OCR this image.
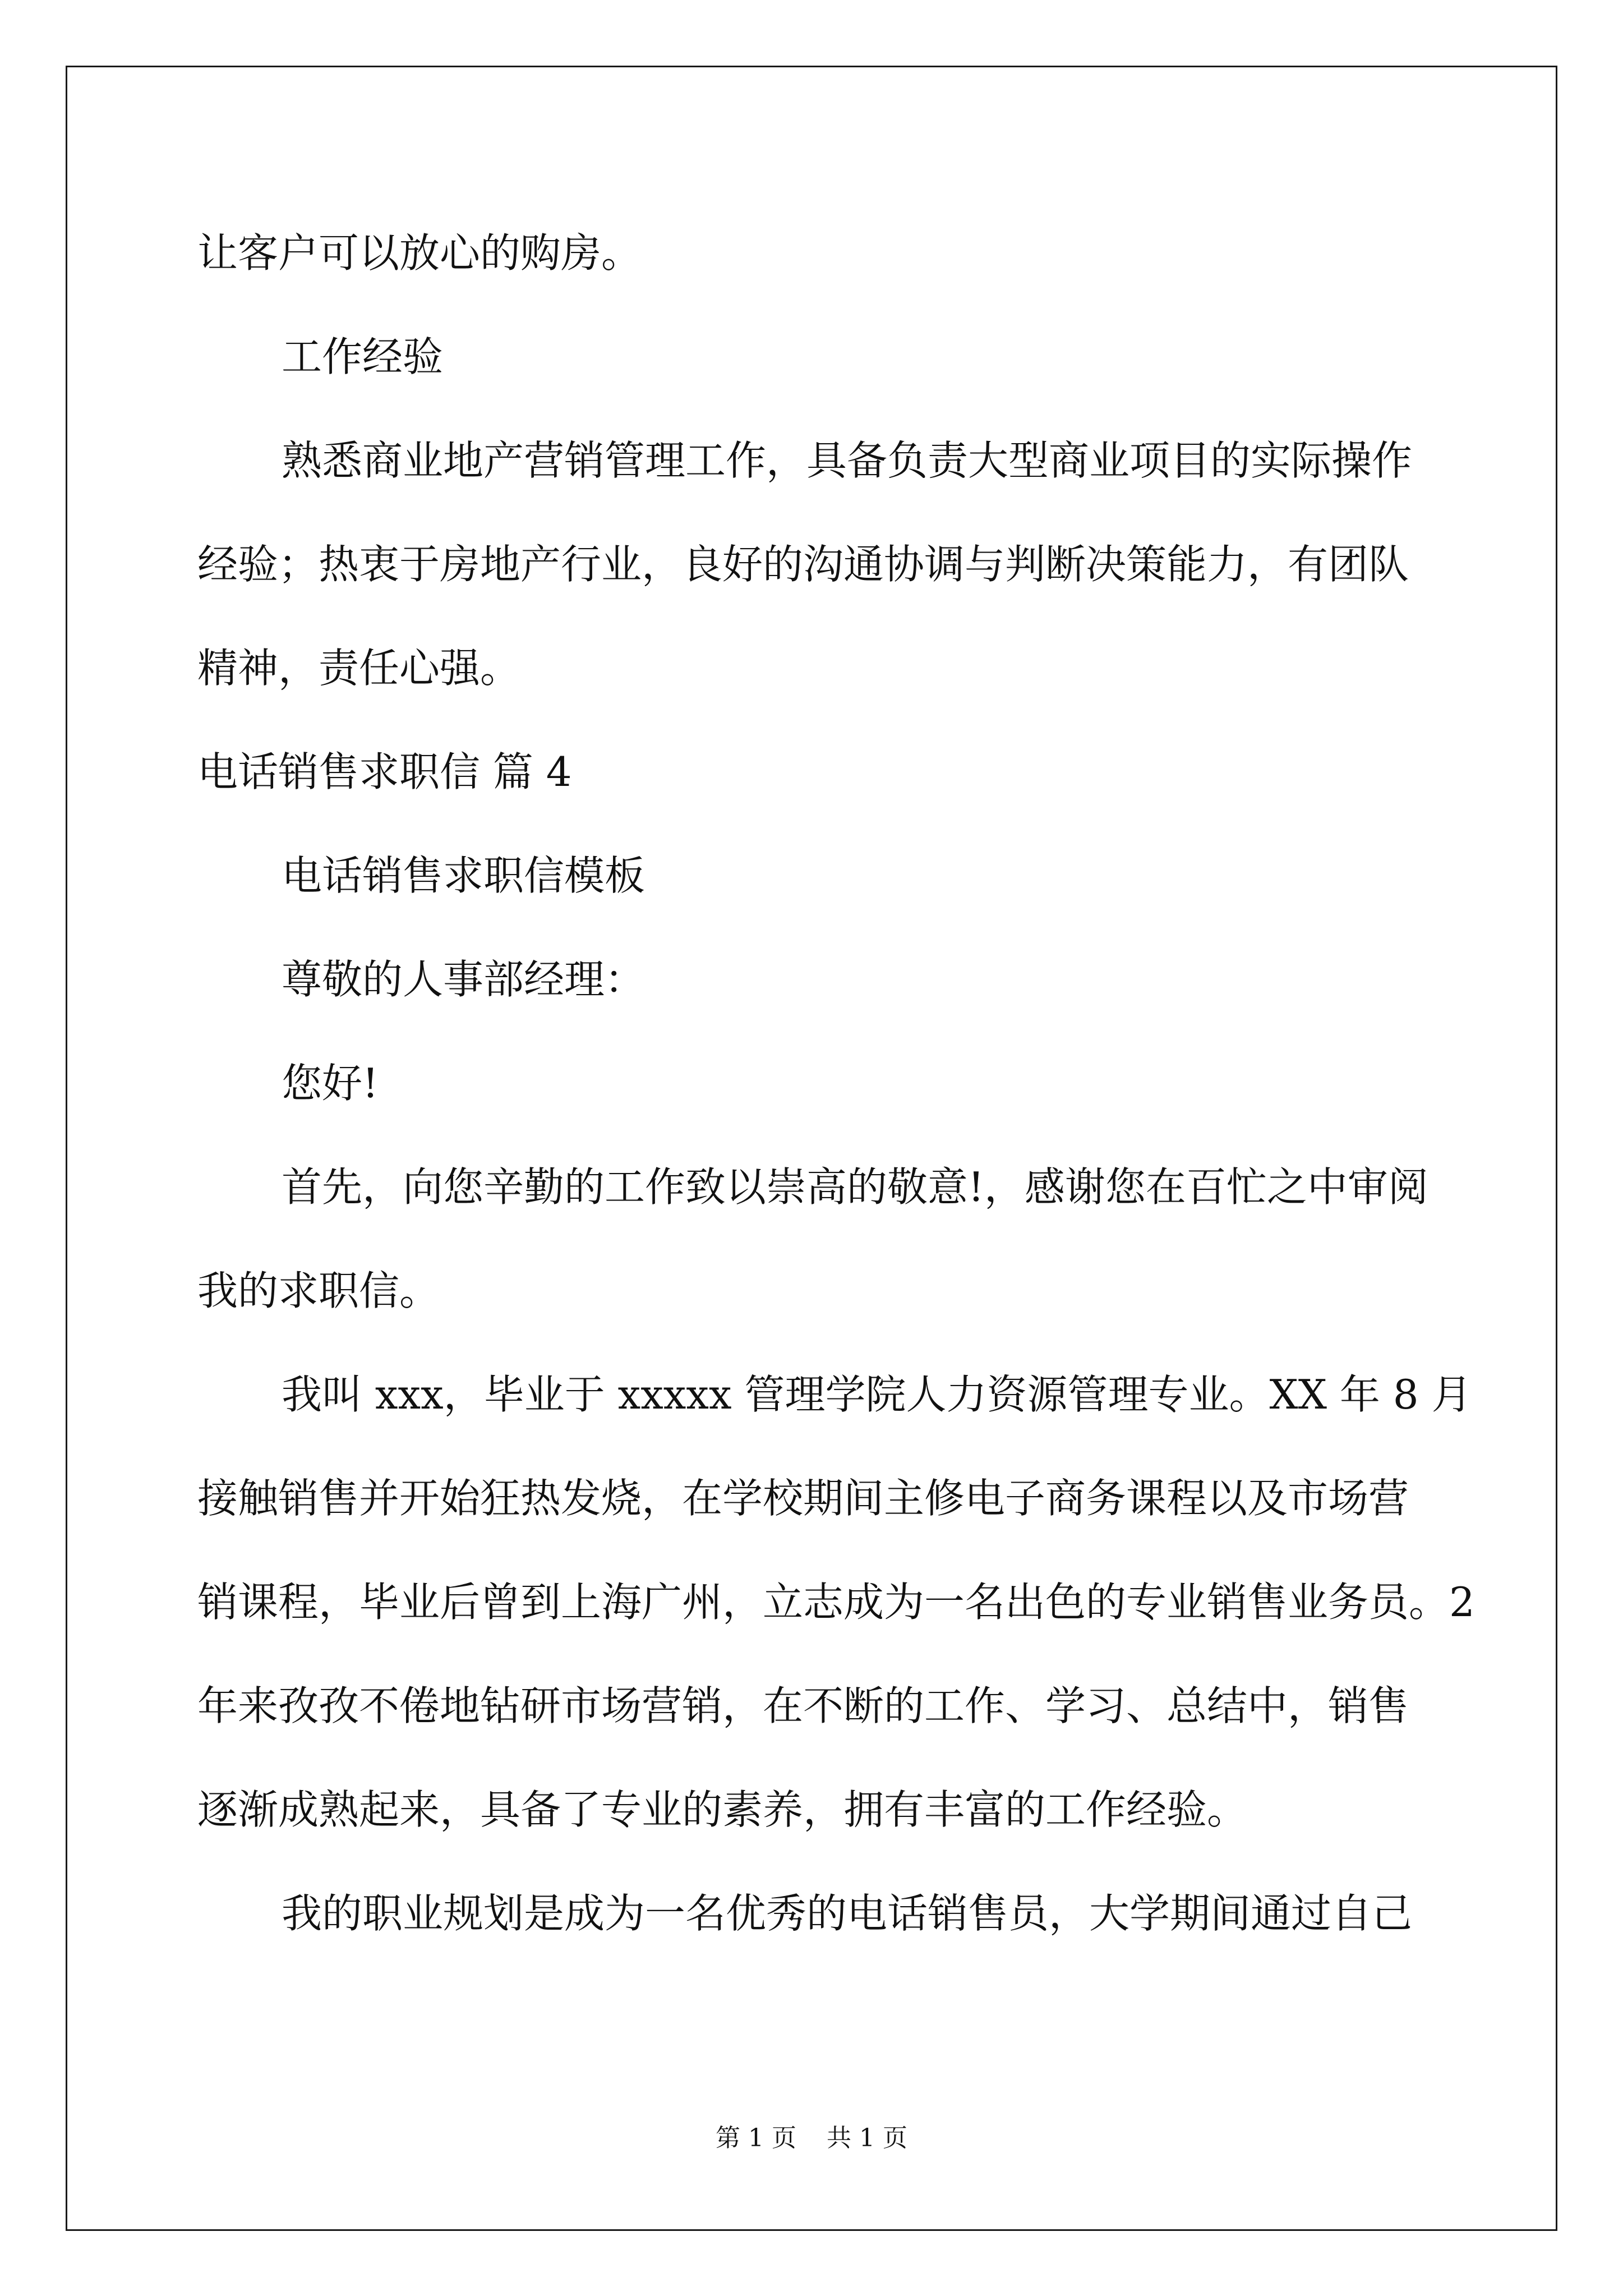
让客户可以放心的购房。
工作经验
熟悉商业地产营销管理工作，具备负责大型商业项目的实际操作
经验；热衷于房地产行业，良好的沟通协调与判断决策能力，有团队
精神，责任心强。
电话销售求职信 篇 4
电话销售求职信模板
尊敬的人事部经理：
您好!
首先，向您辛勤的工作致以崇高的敬意!，感谢您在百忙之中审阅
我的求职信。
我叫 xxx，毕业于 xxxxx 管理学院人力资源管理专业。XX 年 8 月
接触销售并开始狂热发烧，在学校期间主修电子商务课程以及市场营
销课程，毕业后曾到上海广州，立志成为一名出色的专业销售业务员。2
年来孜孜不倦地钻研市场营销，在不断的工作、学习、总结中，销售
逐渐成熟起来，具备了专业的素养，拥有丰富的工作经验。
我的职业规划是成为一名优秀的电话销售员，大学期间通过自己
第 1 页 共 1 页
